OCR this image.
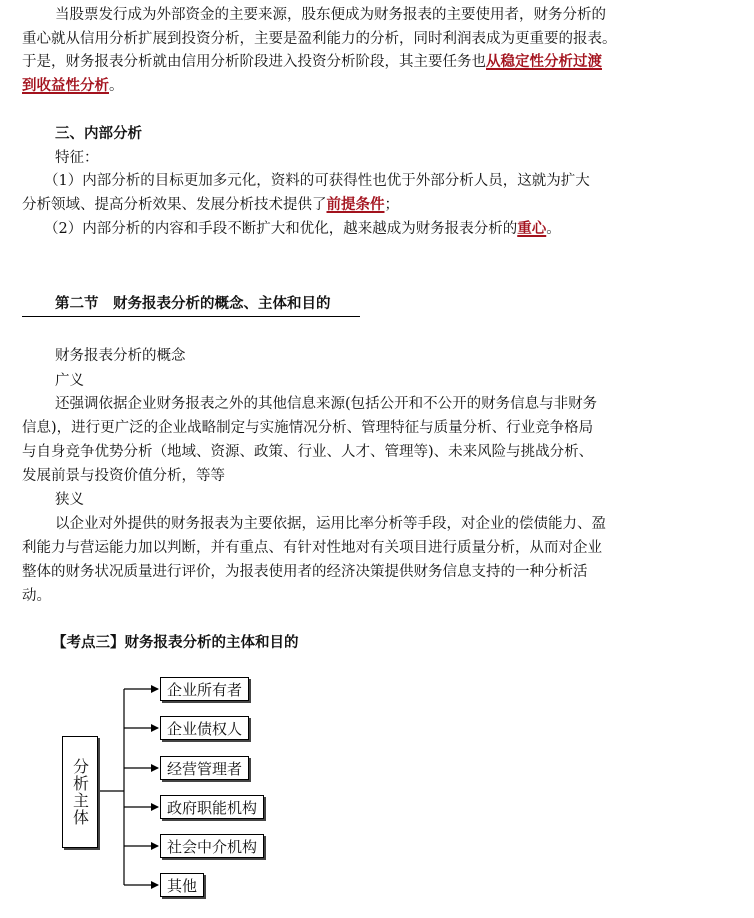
当股票发行成为外部资金的主要来源，股东便成为财务报表的主要使用者，财务分析的
重心就从信用分析扩展到投资分析，主要是盈利能力的分析，同时利润表成为更重要的报表。
于是，财务报表分析就由信用分析阶段进入投资分析阶段，其主要任务也从稳定性分析过渡
到收益性分析。
三、内部分析
特征：
（1）内部分析的目标更加多元化，资料的可获得性也优于外部分析人员，这就为扩大
分析领域、提高分析效果、发展分析技术提供了前提条件；
（2）内部分析的内容和手段不断扩大和优化，越来越成为财务报表分析的重心。
第二节　财务报表分析的概念、主体和目的
财务报表分析的概念
广义
还强调依据企业财务报表之外的其他信息来源(包括公开和不公开的财务信息与非财务
信息)，进行更广泛的企业战略制定与实施情况分析、管理特征与质量分析、行业竞争格局
与自身竞争优势分析（地域、资源、政策、行业、人才、管理等)、未来风险与挑战分析、
发展前景与投资价值分析，等等
狭义
以企业对外提供的财务报表为主要依据，运用比率分析等手段，对企业的偿债能力、盈
利能力与营运能力加以判断，并有重点、有针对性地对有关项目进行质量分析，从而对企业
整体的财务状况质量进行评价，为报表使用者的经济决策提供财务信息支持的一种分析活
动。
【考点三】财务报表分析的主体和目的
分析主体
企业所有者
企业债权人
经营管理者
政府职能机构
社会中介机构
其他
